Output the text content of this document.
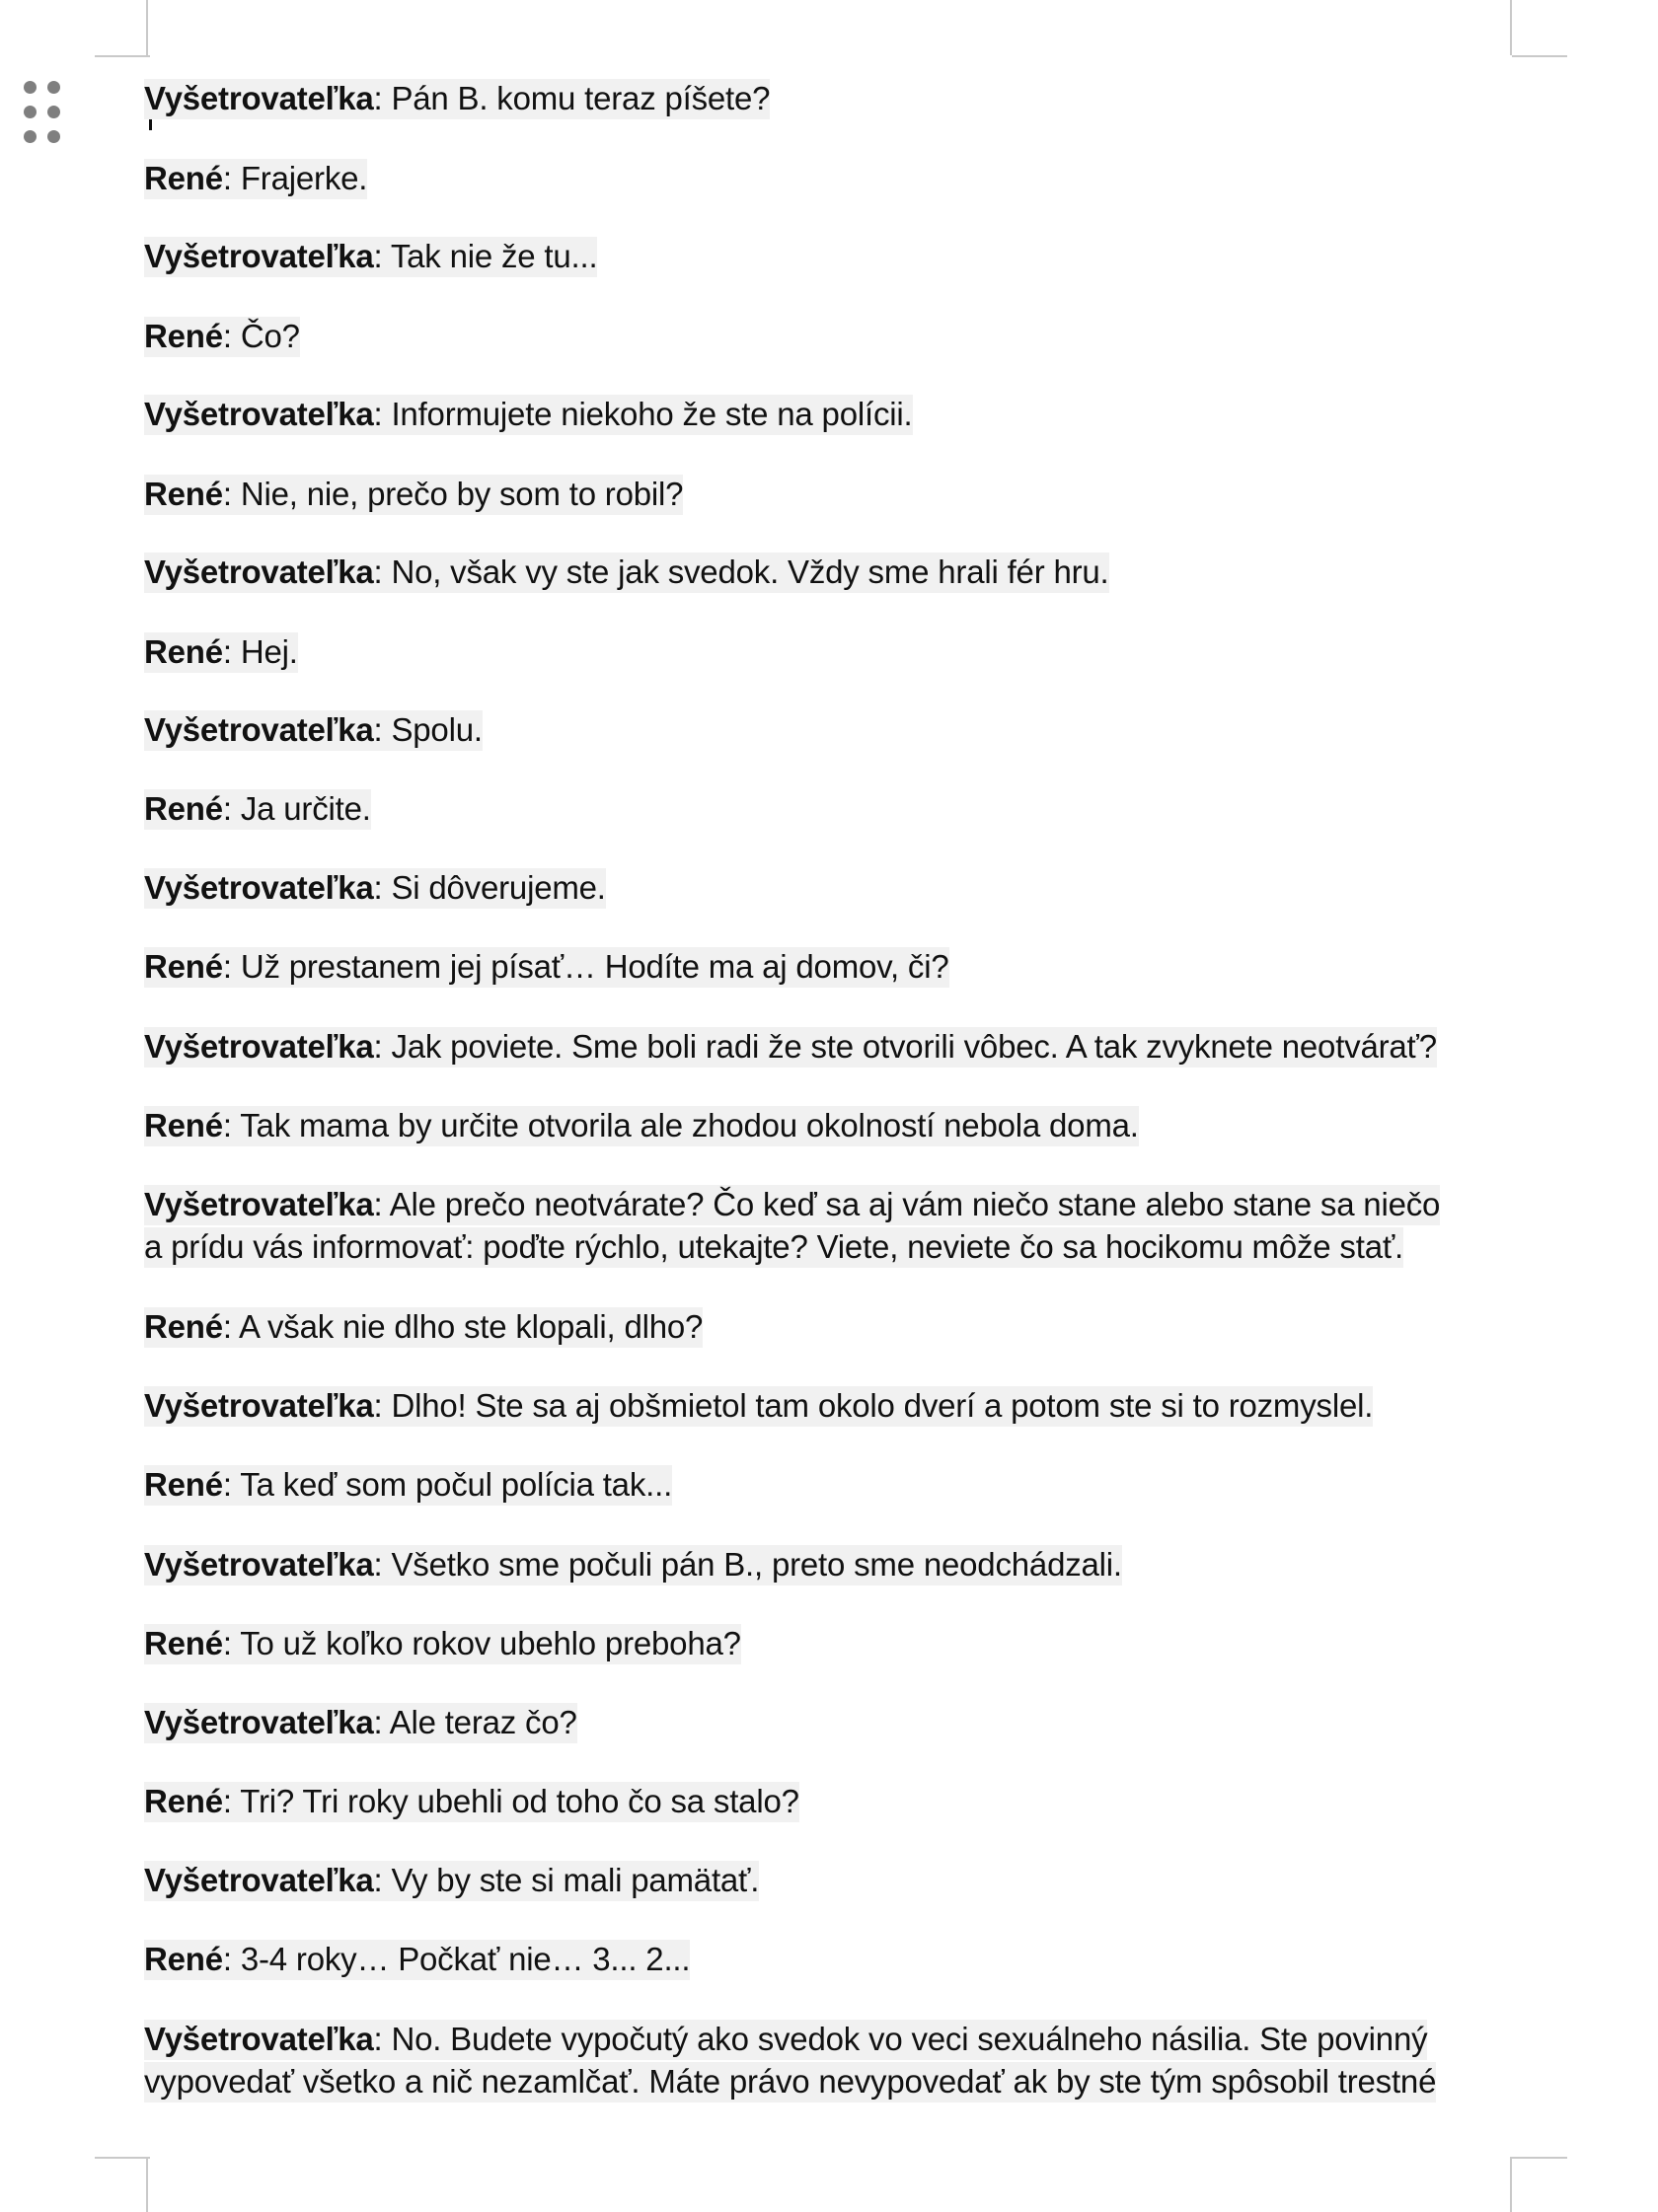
Vyšetrovateľka: Pán B. komu teraz píšete?
René: Frajerke.
Vyšetrovateľka: Tak nie že tu...
René: Čo?
Vyšetrovateľka: Informujete niekoho že ste na polícii.
René: Nie, nie, prečo by som to robil?
Vyšetrovateľka: No, však vy ste jak svedok. Vždy sme hrali fér hru.
René: Hej.
Vyšetrovateľka: Spolu.
René: Ja určite.
Vyšetrovateľka: Si dôverujeme.
René: Už prestanem jej písať… Hodíte ma aj domov, či?
Vyšetrovateľka: Jak poviete. Sme boli radi že ste otvorili vôbec. A tak zvyknete neotvárať?
René: Tak mama by určite otvorila ale zhodou okolností nebola doma.
Vyšetrovateľka: Ale prečo neotvárate? Čo keď sa aj vám niečo stane alebo stane sa niečo
a prídu vás informovať: poďte rýchlo, utekajte? Viete, neviete čo sa hocikomu môže stať.
René: A však nie dlho ste klopali, dlho?
Vyšetrovateľka: Dlho! Ste sa aj obšmietol tam okolo dverí a potom ste si to rozmyslel.
René: Ta keď som počul polícia tak...
Vyšetrovateľka: Všetko sme počuli pán B., preto sme neodchádzali.
René: To už koľko rokov ubehlo preboha?
Vyšetrovateľka: Ale teraz čo?
René: Tri? Tri roky ubehli od toho čo sa stalo?
Vyšetrovateľka: Vy by ste si mali pamätať.
René: 3-4 roky… Počkať nie… 3... 2...
Vyšetrovateľka: No. Budete vypočutý ako svedok vo veci sexuálneho násilia. Ste povinný
vypovedať všetko a nič nezamlčať. Máte právo nevypovedať ak by ste tým spôsobil trestné
